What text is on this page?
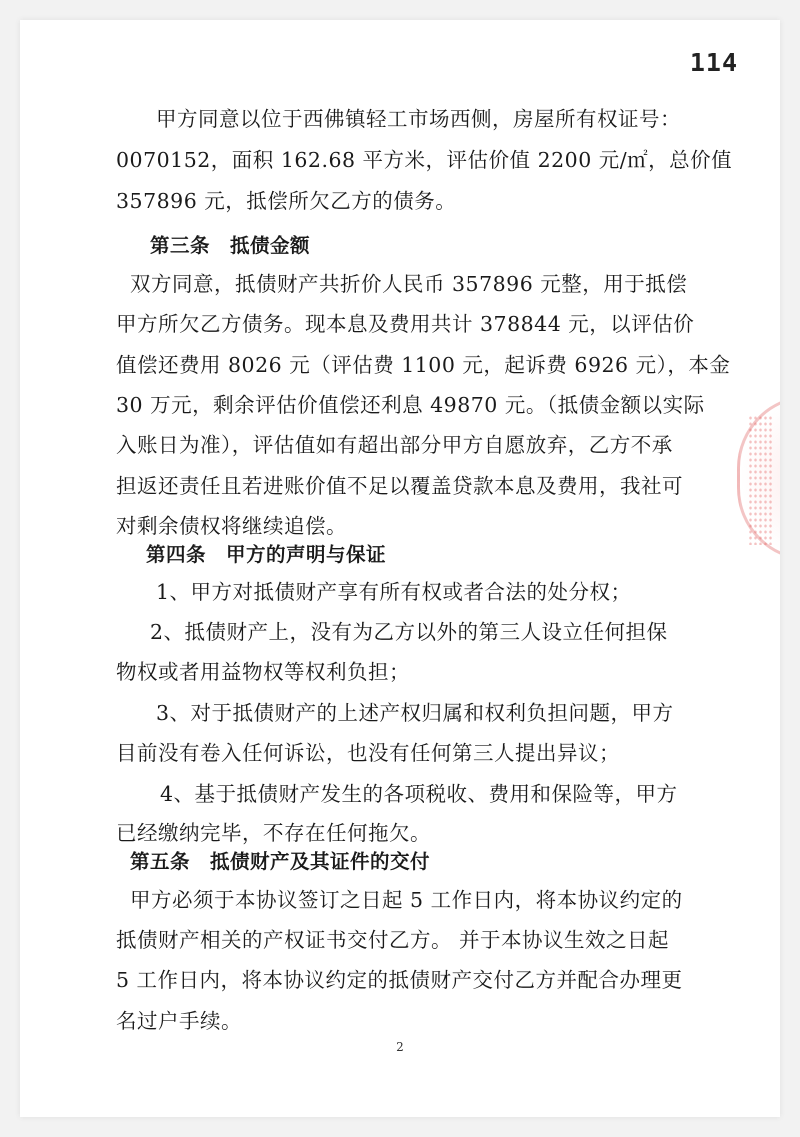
114
甲方同意以位于西佛镇轻工市场西侧，房屋所有权证号：
0070152，面积 162.68 平方米，评估价值 2200 元/㎡，总价值
357896 元，抵偿所欠乙方的债务。
第三条　抵债金额
双方同意，抵债财产共折价人民币 357896 元整，用于抵偿
甲方所欠乙方债务。现本息及费用共计 378844 元，以评估价
值偿还费用 8026 元（评估费 1100 元，起诉费 6926 元），本金
30 万元，剩余评估价值偿还利息 49870 元。（抵债金额以实际
入账日为准），评估值如有超出部分甲方自愿放弃，乙方不承
担返还责任且若进账价值不足以覆盖贷款本息及费用，我社可
对剩余债权将继续追偿。
第四条　甲方的声明与保证
1、甲方对抵债财产享有所有权或者合法的处分权；
2、抵债财产上，没有为乙方以外的第三人设立任何担保
物权或者用益物权等权利负担；
3、对于抵债财产的上述产权归属和权利负担问题，甲方
目前没有卷入任何诉讼，也没有任何第三人提出异议；
4、基于抵债财产发生的各项税收、费用和保险等，甲方
已经缴纳完毕，不存在任何拖欠。
第五条　抵债财产及其证件的交付
甲方必须于本协议签订之日起 5 工作日内，将本协议约定的
抵债财产相关的产权证书交付乙方。 并于本协议生效之日起
5 工作日内，将本协议约定的抵债财产交付乙方并配合办理更
名过户手续。
2
